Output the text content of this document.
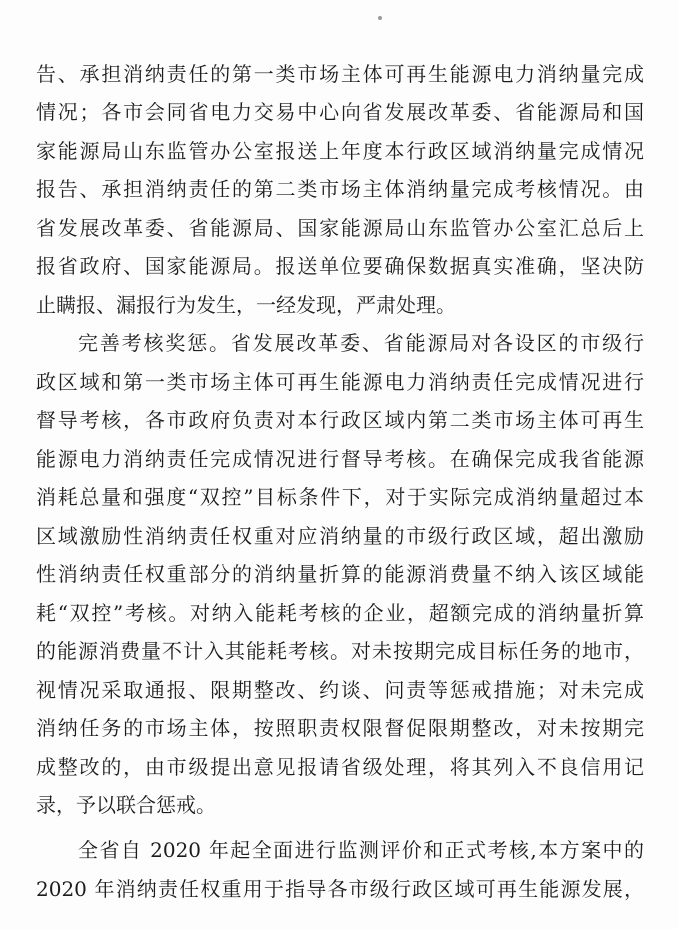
告、承担消纳责任的第一类市场主体可再生能源电力消纳量完成
情况；各市会同省电力交易中心向省发展改革委、省能源局和国
家能源局山东监管办公室报送上年度本行政区域消纳量完成情况
报告、承担消纳责任的第二类市场主体消纳量完成考核情况。由
省发展改革委、省能源局、国家能源局山东监管办公室汇总后上
报省政府、国家能源局。报送单位要确保数据真实准确，坚决防
止瞒报、漏报行为发生，一经发现，严肃处理。
完善考核奖惩。省发展改革委、省能源局对各设区的市级行
政区域和第一类市场主体可再生能源电力消纳责任完成情况进行
督导考核，各市政府负责对本行政区域内第二类市场主体可再生
能源电力消纳责任完成情况进行督导考核。在确保完成我省能源
消耗总量和强度“双控”目标条件下，对于实际完成消纳量超过本
区域激励性消纳责任权重对应消纳量的市级行政区域，超出激励
性消纳责任权重部分的消纳量折算的能源消费量不纳入该区域能
耗“双控”考核。对纳入能耗考核的企业，超额完成的消纳量折算
的能源消费量不计入其能耗考核。对未按期完成目标任务的地市，
视情况采取通报、限期整改、约谈、问责等惩戒措施；对未完成
消纳任务的市场主体，按照职责权限督促限期整改，对未按期完
成整改的，由市级提出意见报请省级处理，将其列入不良信用记
录，予以联合惩戒。
全省自 2020 年起全面进行监测评价和正式考核,本方案中的
2020 年消纳责任权重用于指导各市级行政区域可再生能源发展，
